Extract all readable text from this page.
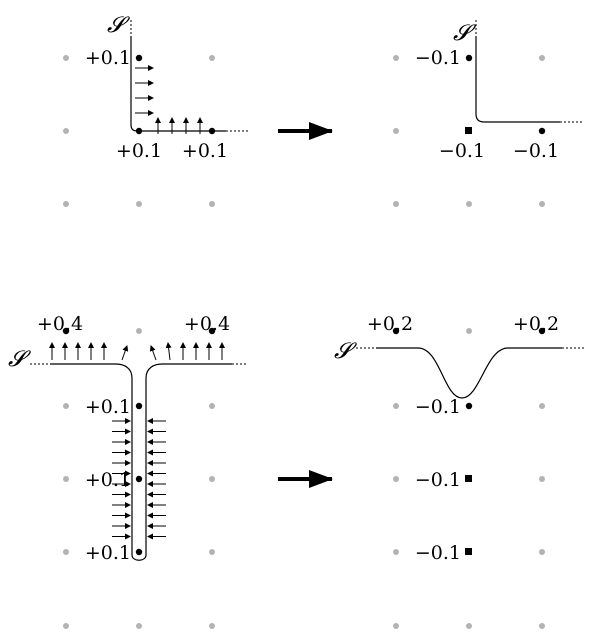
𝓢
+0.1
+0.1 +0.1
𝓢
−0.1
−0.1 −0.1
𝓢
+0.4	+0.4
+0.1
+0.1
+0.1
𝓢
+0.2	+0.2
−0.1
−0.1
−0.1
